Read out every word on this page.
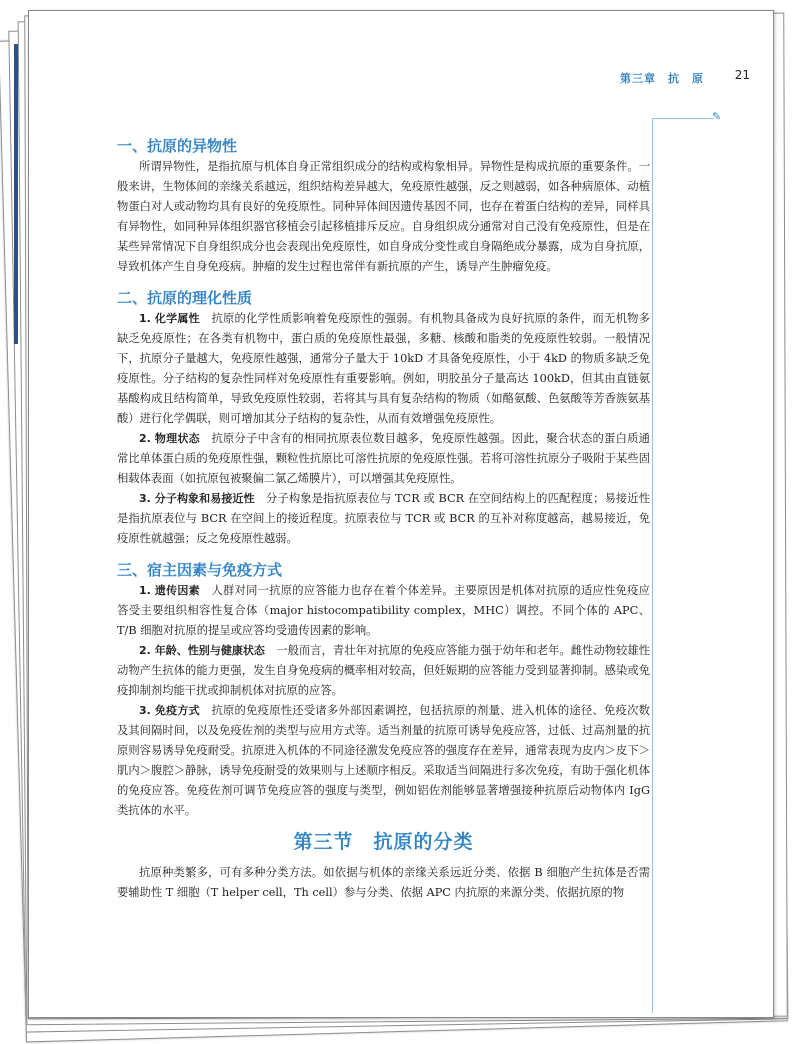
第三章　抗　原	21
✎
一、抗原的异物性

所谓异物性，是指抗原与机体自身正常组织成分的结构或构象相异。异物性是构成抗原的重要条件。一般来讲，生物体间的亲缘关系越远，组织结构差异越大，免疫原性越强，反之则越弱，如各种病原体、动植物蛋白对人或动物均具有良好的免疫原性。同种异体间因遗传基因不同，也存在着蛋白结构的差异，同样具有异物性，如同种异体组织器官移植会引起移植排斥反应。自身组织成分通常对自己没有免疫原性，但是在某些异常情况下自身组织成分也会表现出免疫原性，如自身成分变性或自身隔绝成分暴露，成为自身抗原，导致机体产生自身免疫病。肿瘤的发生过程也常伴有新抗原的产生，诱导产生肿瘤免疫。

二、抗原的理化性质

1. 化学属性　 抗原的化学性质影响着免疫原性的强弱。有机物具备成为良好抗原的条件，而无机物多缺乏免疫原性；在各类有机物中，蛋白质的免疫原性最强，多糖、核酸和脂类的免疫原性较弱。一般情况下，抗原分子量越大，免疫原性越强，通常分子量大于 10kD 才具备免疫原性，小于 4kD 的物质多缺乏免疫原性。分子结构的复杂性同样对免疫原性有重要影响。例如，明胶虽分子量高达 100kD，但其由直链氨基酸构成且结构简单，导致免疫原性较弱，若将其与具有复杂结构的物质（如酪氨酸、色氨酸等芳香族氨基酸）进行化学偶联，则可增加其分子结构的复杂性，从而有效增强免疫原性。

2. 物理状态　 抗原分子中含有的相同抗原表位数目越多，免疫原性越强。因此，聚合状态的蛋白质通常比单体蛋白质的免疫原性强，颗粒性抗原比可溶性抗原的免疫原性强。若将可溶性抗原分子吸附于某些固相载体表面（如抗原包被聚偏二氯乙烯膜片），可以增强其免疫原性。

3. 分子构象和易接近性　 分子构象是指抗原表位与 TCR 或 BCR 在空间结构上的匹配程度；易接近性是指抗原表位与 BCR 在空间上的接近程度。抗原表位与 TCR 或 BCR 的互补对称度越高，越易接近，免疫原性就越强；反之免疫原性越弱。

三、宿主因素与免疫方式

1. 遗传因素　 人群对同一抗原的应答能力也存在着个体差异。主要原因是机体对抗原的适应性免疫应答受主要组织相容性复合体（major histocompatibility complex，MHC）调控。不同个体的 APC、T/B 细胞对抗原的提呈或应答均受遗传因素的影响。

2. 年龄、性别与健康状态　 一般而言，青壮年对抗原的免疫应答能力强于幼年和老年。雌性动物较雄性动物产生抗体的能力更强，发生自身免疫病的概率相对较高，但妊娠期的应答能力受到显著抑制。感染或免疫抑制剂均能干扰或抑制机体对抗原的应答。

3. 免疫方式　 抗原的免疫原性还受诸多外部因素调控，包括抗原的剂量、进入机体的途径、免疫次数及其间隔时间，以及免疫佐剂的类型与应用方式等。适当剂量的抗原可诱导免疫应答，过低、过高剂量的抗原则容易诱导免疫耐受。抗原进入机体的不同途径激发免疫应答的强度存在差异，通常表现为皮内＞皮下＞肌内＞腹腔＞静脉，诱导免疫耐受的效果则与上述顺序相反。采取适当间隔进行多次免疫，有助于强化机体的免疫应答。免疫佐剂可调节免疫应答的强度与类型，例如铝佐剂能够显著增强接种抗原后动物体内 IgG 类抗体的水平。

第三节　抗原的分类

抗原种类繁多，可有多种分类方法。如依据与机体的亲缘关系远近分类、依据 B 细胞产生抗体是否需要辅助性 T 细胞（T helper cell，Th cell）参与分类、依据 APC 内抗原的来源分类、依据抗原的物
